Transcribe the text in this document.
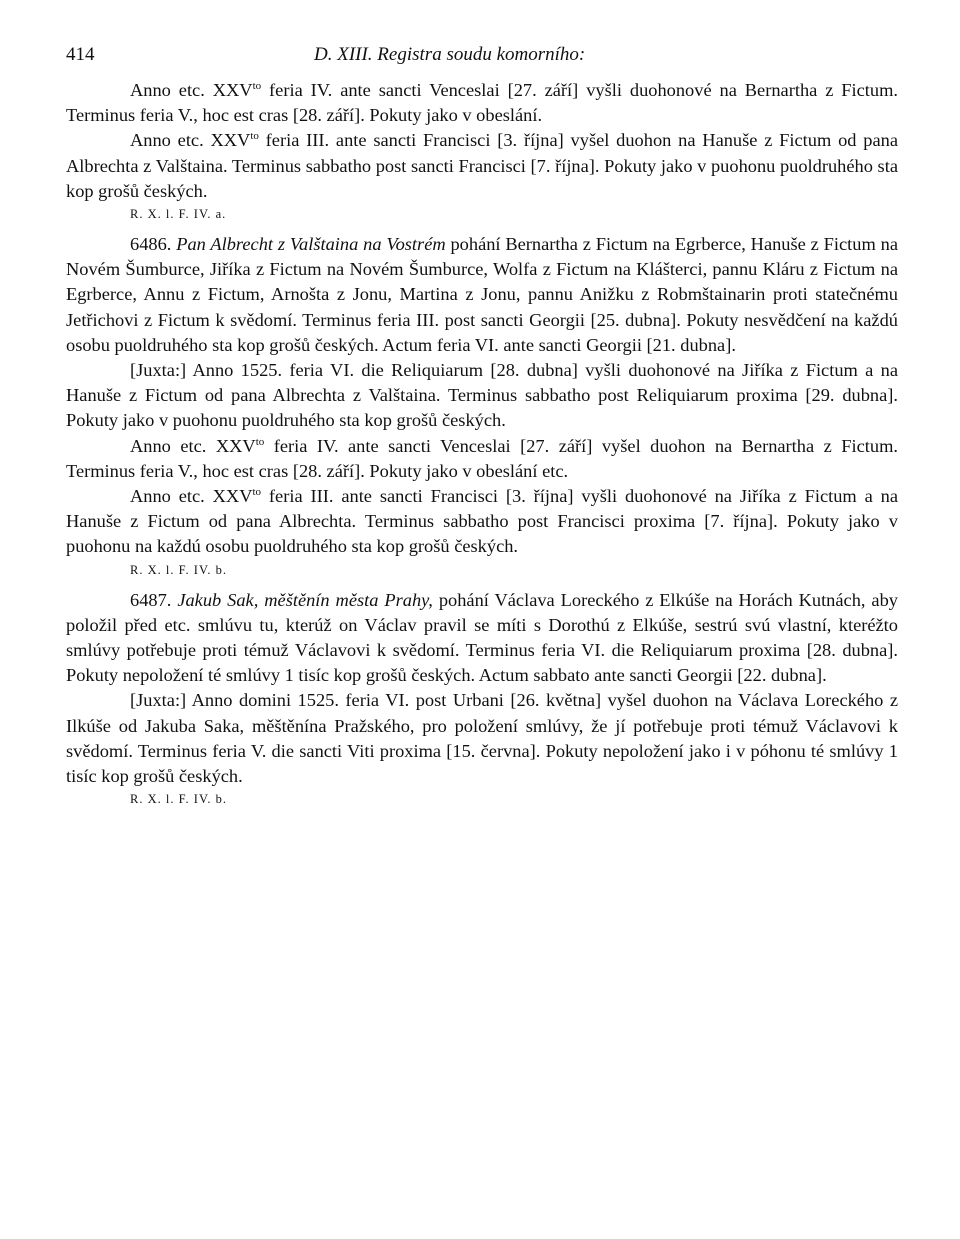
414	D. XIII. Registra soudu komorního:

Anno etc. $XXV^{to}$ feria IV. ante sancti Venceslai [27. září] vyšli duohonové na Bernartha z Fictum. Terminus feria V., hoc est cras [28. září]. Pokuty jako v obeslání.

Anno etc. $XXV^{to}$ feria III. ante sancti Francisci [3. října] vyšel duohon na Hanuše z Fictum od pana Albrechta z Valštaina. Terminus sabbatho post sancti Francisci [7. října]. Pokuty jako v puohonu puoldruhého sta kop grošů českých.

R. X. l. F. IV. a.

6486. Pan Albrecht z Valštaina na Vostrém pohání Bernartha z Fictum na Egrberce, Hanuše z Fictum na Novém Šumburce, Jiříka z Fictum na Novém Šumburce, Wolfa z Fictum na Klášterci, pannu Kláru z Fictum na Egrberce, Annu z Fictum, Arnošta z Jonu, Martina z Jonu, pannu Anižku z Robmštainarin proti statečnému Jetřichovi z Fictum k svědomí. Terminus feria III. post sancti Georgii [25. dubna]. Pokuty nesvědčení na každú osobu puoldruhého sta kop grošů českých. Actum feria VI. ante sancti Georgii [21. dubna].

[Juxta:] Anno 1525. feria VI. die Reliquiarum [28. dubna] vyšli duohonové na Jiříka z Fictum a na Hanuše z Fictum od pana Albrechta z Valštaina. Terminus sabbatho post Reliquiarum proxima [29. dubna]. Pokuty jako v puohonu puoldruhého sta kop grošů českých.

Anno etc. $XXV^{to}$ feria IV. ante sancti Venceslai [27. září] vyšel duohon na Bernartha z Fictum. Terminus feria V., hoc est cras [28. září]. Pokuty jako v obeslání etc.

Anno etc. $XXV^{to}$ feria III. ante sancti Francisci [3. října] vyšli duohonové na Jiříka z Fictum a na Hanuše z Fictum od pana Albrechta. Terminus sabbatho post Francisci proxima [7. října]. Pokuty jako v puohonu na každú osobu puoldruhého sta kop grošů českých.

R. X. l. F. IV. b.

6487. Jakub Sak, měštěnín města Prahy, pohání Václava Loreckého z Elkúše na Horách Kutnách, aby položil před etc. smlúvu tu, kterúž on Václav pravil se míti s Dorothú z Elkúše, sestrú svú vlastní, kteréžto smlúvy potřebuje proti témuž Václavovi k svědomí. Terminus feria VI. die Reliquiarum proxima [28. dubna]. Pokuty nepoložení té smlúvy 1 tisíc kop grošů českých. Actum sabbato ante sancti Georgii [22. dubna].

[Juxta:] Anno domini 1525. feria VI. post Urbani [26. května] vyšel duohon na Václava Loreckého z Ilkúše od Jakuba Saka, měštěnína Pražského, pro položení smlúvy, že jí potřebuje proti témuž Václavovi k svědomí. Terminus feria V. die sancti Viti proxima [15. června]. Pokuty nepoložení jako i v póhonu té smlúvy 1 tisíc kop grošů českých.

R. X. l. F. IV. b.
